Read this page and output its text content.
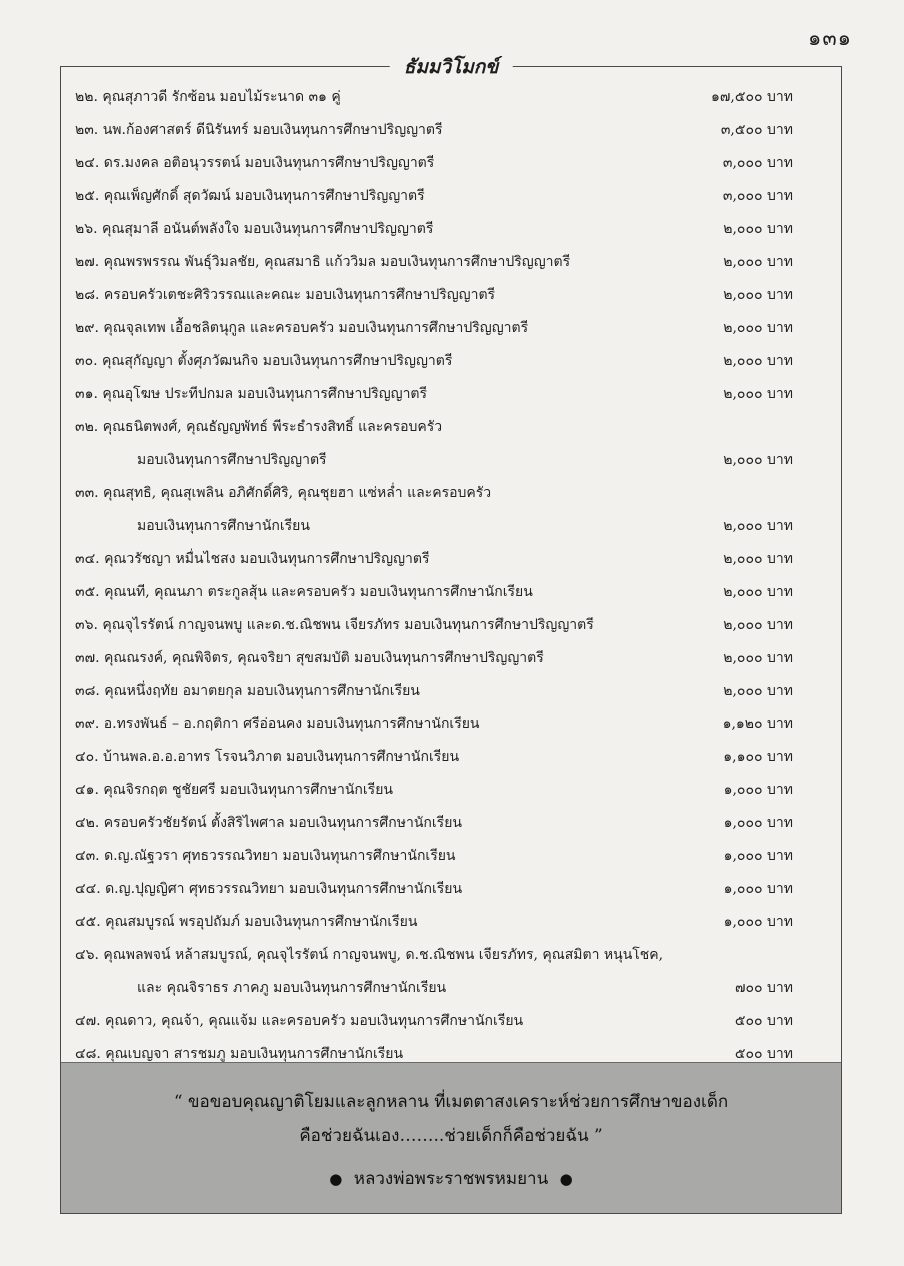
๑๓๑
ธัมมวิโมกข์
๒๒. คุณสุภาวดี รักซ้อน มอบไม้ระนาด ๓๑ คู่	๑๗,๕๐๐ บาท
๒๓. นพ.ก้องศาสตร์ ดีนิรันทร์ มอบเงินทุนการศึกษาปริญญาตรี	๓,๕๐๐ บาท
๒๔. ดร.มงคล อติอนุวรรตน์ มอบเงินทุนการศึกษาปริญญาตรี	๓,๐๐๐ บาท
๒๕. คุณเพ็ญศักดิ์ สุดวัฒน์ มอบเงินทุนการศึกษาปริญญาตรี	๓,๐๐๐ บาท
๒๖. คุณสุมาลี อนันต์พลังใจ มอบเงินทุนการศึกษาปริญญาตรี	๒,๐๐๐ บาท
๒๗. คุณพรพรรณ พันธุ์วิมลชัย, คุณสมาธิ แก้ววิมล มอบเงินทุนการศึกษาปริญญาตรี	๒,๐๐๐ บาท
๒๘. ครอบครัวเตชะศิริวรรณและคณะ มอบเงินทุนการศึกษาปริญญาตรี	๒,๐๐๐ บาท
๒๙. คุณจุลเทพ เอื้อชลิตนุกูล และครอบครัว มอบเงินทุนการศึกษาปริญญาตรี	๒,๐๐๐ บาท
๓๐. คุณสุกัญญา ตั้งศุภวัฒนกิจ มอบเงินทุนการศึกษาปริญญาตรี	๒,๐๐๐ บาท
๓๑. คุณอุโฆษ ประทีปกมล มอบเงินทุนการศึกษาปริญญาตรี	๒,๐๐๐ บาท
๓๒. คุณธนิตพงศ์, คุณธัญญพัทธ์ พีระธำรงสิทธิ์ และครอบครัว
มอบเงินทุนการศึกษาปริญญาตรี	๒,๐๐๐ บาท
๓๓. คุณสุทธิ, คุณสุเพลิน อภิศักดิ์ศิริ, คุณชุยฮา แซ่หล่ำ และครอบครัว
มอบเงินทุนการศึกษานักเรียน	๒,๐๐๐ บาท
๓๔. คุณวรัชญา หมื่นไชสง มอบเงินทุนการศึกษาปริญญาตรี	๒,๐๐๐ บาท
๓๕. คุณนที, คุณนภา ตระกูลสุ้น และครอบครัว มอบเงินทุนการศึกษานักเรียน	๒,๐๐๐ บาท
๓๖. คุณจุไรรัตน์ กาญจนพบู และด.ช.ณิชพน เจียรภัทร มอบเงินทุนการศึกษาปริญญาตรี	๒,๐๐๐ บาท
๓๗. คุณณรงค์, คุณพิจิตร, คุณจริยา สุขสมบัติ มอบเงินทุนการศึกษาปริญญาตรี	๒,๐๐๐ บาท
๓๘. คุณหนึ่งฤทัย อมาตยกุล มอบเงินทุนการศึกษานักเรียน	๒,๐๐๐ บาท
๓๙. อ.ทรงพันธ์ – อ.กฤติกา ศรีอ่อนคง มอบเงินทุนการศึกษานักเรียน	๑,๑๒๐ บาท
๔๐. บ้านพล.อ.อ.อาทร โรจนวิภาต มอบเงินทุนการศึกษานักเรียน	๑,๑๐๐ บาท
๔๑. คุณจิรกฤต ชูชัยศรี มอบเงินทุนการศึกษานักเรียน	๑,๐๐๐ บาท
๔๒. ครอบครัวชัยรัตน์ ตั้งสิริไพศาล มอบเงินทุนการศึกษานักเรียน	๑,๐๐๐ บาท
๔๓. ด.ญ.ณัฐวรา ศุทธวรรณวิทยา มอบเงินทุนการศึกษานักเรียน	๑,๐๐๐ บาท
๔๔. ด.ญ.ปุญญิศา ศุทธวรรณวิทยา มอบเงินทุนการศึกษานักเรียน	๑,๐๐๐ บาท
๔๕. คุณสมบูรณ์ พรอุปถัมภ์ มอบเงินทุนการศึกษานักเรียน	๑,๐๐๐ บาท
๔๖. คุณพลพจน์ หล้าสมบูรณ์, คุณจุไรรัตน์ กาญจนพบู, ด.ช.ณิชพน เจียรภัทร, คุณสมิตา หนุนโชค,
และ คุณจิราธร ภาคภู มอบเงินทุนการศึกษานักเรียน	๗๐๐ บาท
๔๗. คุณดาว, คุณจ้า, คุณแจ้ม และครอบครัว มอบเงินทุนการศึกษานักเรียน	๕๐๐ บาท
๔๘. คุณเบญจา สารชมภู มอบเงินทุนการศึกษานักเรียน	๕๐๐ บาท
“ ขอขอบคุณญาติโยมและลูกหลาน ที่เมตตาสงเคราะห์ช่วยการศึกษาของเด็ก
คือช่วยฉันเอง……..ช่วยเด็กก็คือช่วยฉัน ”
● หลวงพ่อพระราชพรหมยาน ●
